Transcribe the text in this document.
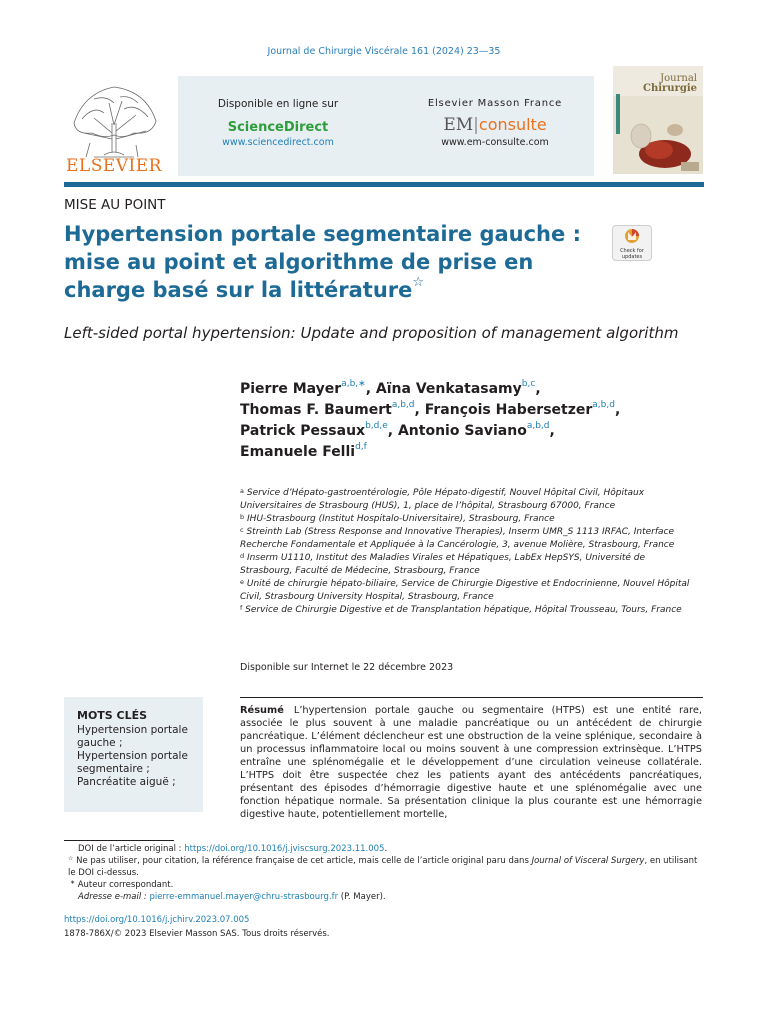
Journal de Chirurgie Viscérale 161 (2024) 23—35
ELSEVIER
Disponible en ligne sur
ScienceDirect
www.sciencedirect.com
Elsevier Masson France
EM|consulte
www.em-consulte.com
Journal
Chirurgie
MISE AU POINT
Hypertension portale segmentaire gauche : mise au point et algorithme de prise en charge basé sur la littérature☆
Check for updates
Left-sided portal hypertension: Update and proposition of management algorithm
Pierre Mayer$^{a,b,∗}$, Aïna Venkatasamy$^{b,c}$,
Thomas F. Baumert$^{a,b,d}$, François Habersetzer$^{a,b,d}$,
Patrick Pessaux$^{b,d,e}$, Antonio Saviano$^{a,b,d}$,
Emanuele Felli$^{d,f}$

$^a$ Service d’Hépato-gastroentérologie, Pôle Hépato-digestif, Nouvel Hôpital Civil, Hôpitaux Universitaires de Strasbourg (HUS), 1, place de l’hôpital, Strasbourg 67000, France

$^b$ IHU-Strasbourg (Institut Hospitalo-Universitaire), Strasbourg, France

$^c$ Streinth Lab (Stress Response and Innovative Therapies), Inserm UMR_S 1113 IRFAC, Interface Recherche Fondamentale et Appliquée à la Cancérologie, 3, avenue Molière, Strasbourg, France

$^d$ Inserm U1110, Institut des Maladies Virales et Hépatiques, LabEx HepSYS, Université de Strasbourg, Faculté de Médecine, Strasbourg, France

$^e$ Unité de chirurgie hépato-biliaire, Service de Chirurgie Digestive et Endocrinienne, Nouvel Hôpital Civil, Strasbourg University Hospital, Strasbourg, France

$^f$ Service de Chirurgie Digestive et de Transplantation hépatique, Hôpital Trousseau, Tours, France

Disponible sur Internet le 22 décembre 2023
MOTS CLÉS

Hypertension portale gauche ;

Hypertension portale segmentaire ;

Pancréatite aiguë ;

Résumé L’hypertension portale gauche ou segmentaire (HTPS) est une entité rare, associée le plus souvent à une maladie pancréatique ou un antécédent de chirurgie pancréatique. L’élément déclencheur est une obstruction de la veine splénique, secondaire à un processus inflammatoire local ou moins souvent à une compression extrinsèque. L’HTPS entraîne une splénomégalie et le développement d’une circulation veineuse collatérale. L’HTPS doit être suspectée chez les patients ayant des antécédents pancréatiques, présentant des épisodes d’hémorragie digestive haute et une splénomégalie avec une fonction hépatique normale. Sa présentation clinique la plus courante est une hémorragie digestive haute, potentiellement mortelle,

DOI de l’article original : https://doi.org/10.1016/j.jviscsurg.2023.11.005.

☆ Ne pas utiliser, pour citation, la référence française de cet article, mais celle de l’article original paru dans Journal of Visceral Surgery, en utilisant le DOI ci-dessus.

∗ Auteur correspondant.

Adresse e-mail : pierre-emmanuel.mayer@chru-strasbourg.fr (P. Mayer).

https://doi.org/10.1016/j.jchirv.2023.07.005
1878-786X/© 2023 Elsevier Masson SAS. Tous droits réservés.
